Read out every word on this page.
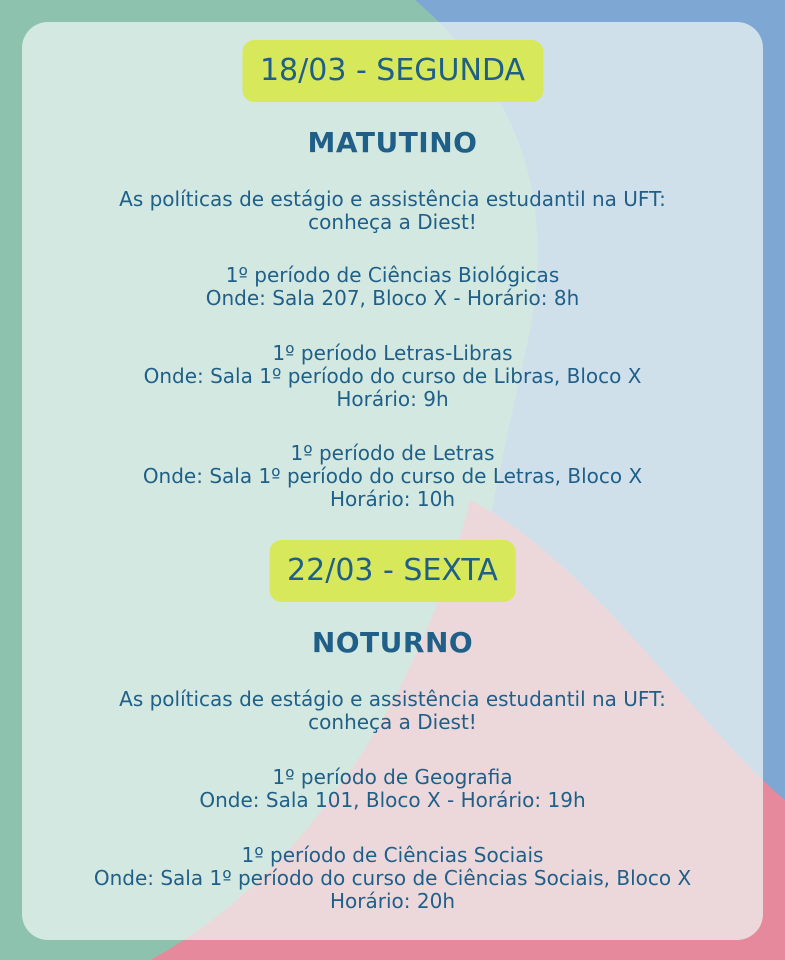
18/03 - SEGUNDA
MATUTINO
As políticas de estágio e assistência estudantil na UFT:
conheça a Diest!
1º período de Ciências Biológicas
Onde: Sala 207, Bloco X - Horário: 8h
1º período Letras-Libras
Onde: Sala 1º período do curso de Libras, Bloco X
Horário: 9h
1º período de Letras
Onde: Sala 1º período do curso de Letras, Bloco X
Horário: 10h
22/03 - SEXTA
NOTURNO
As políticas de estágio e assistência estudantil na UFT:
conheça a Diest!
1º período de Geografia
Onde: Sala 101, Bloco X - Horário: 19h
1º período de Ciências Sociais
Onde: Sala 1º período do curso de Ciências Sociais, Bloco X
Horário: 20h
